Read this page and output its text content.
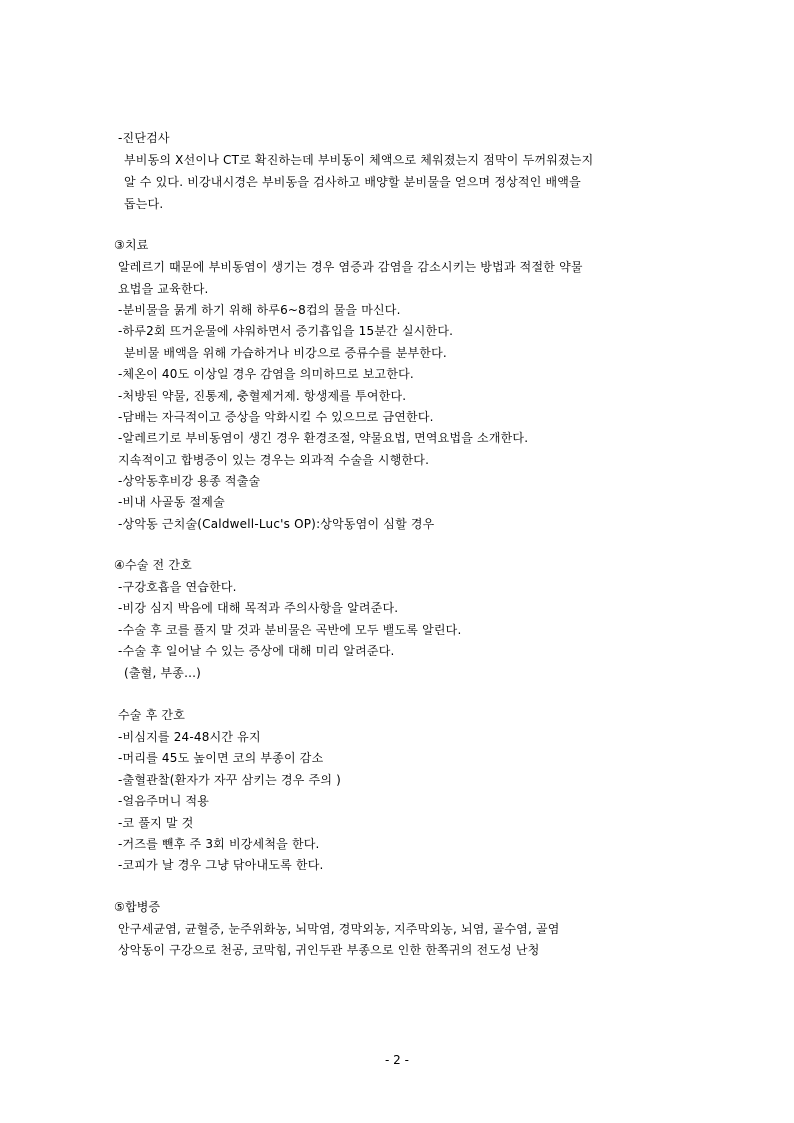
-진단검사
부비동의 X선이나 CT로 확진하는데 부비동이 체액으로 체워졌는지 점막이 두꺼워졌는지
알 수 있다. 비강내시경은 부비동을 검사하고 배양할 분비물을 얻으며 정상적인 배액을
돕는다.
③치료
알레르기 때문에 부비동염이 생기는 경우 염증과 감염을 감소시키는 방법과 적절한 약물
요법을 교육한다.
-분비물을 묽게 하기 위해 하루6~8컵의 물을 마신다.
-하루2회 뜨거운물에 샤워하면서 증기흡입을 15분간 실시한다.
분비물 배액을 위해 가습하거나 비강으로 증류수를 분부한다.
-체온이 40도 이상일 경우 감염을 의미하므로 보고한다.
-처방된 약물, 진통제, 충혈제거제. 항생제를 투여한다.
-담배는 자극적이고 증상을 악화시킬 수 있으므로 금연한다.
-알레르기로 부비동염이 생긴 경우 환경조절, 약물요법, 면역요법을 소개한다.
지속적이고 합병증이 있는 경우는 외과적 수술을 시행한다.
-상악동후비강 용종 적출술
-비내 사골동 절제술
-상악동 근치술(Caldwell-Luc's OP):상악동염이 심할 경우
④수술 전 간호
-구강호흡을 연습한다.
-비강 심지 박음에 대해 목적과 주의사항을 알려준다.
-수술 후 코를 풀지 말 것과 분비물은 곡반에 모두 뱉도록 알린다.
-수술 후 일어날 수 있는 증상에 대해 미리 알려준다.
(출혈, 부종...)
수술 후 간호
-비심지를 24-48시간 유지
-머리를 45도 높이면 코의 부종이 감소
-출혈관찰(환자가 자꾸 삼키는 경우 주의 )
-얼음주머니 적용
-코 풀지 말 것
-거즈를 뺀후 주 3회 비강세척을 한다.
-코피가 날 경우 그냥 닦아내도록 한다.
⑤합병증
안구세균염, 균혈증, 눈주위화농, 뇌막염, 경막외농, 지주막외농, 뇌염, 골수염, 골염
상악동이 구강으로 천공, 코막힘, 귀인두관 부종으로 인한 한쪽귀의 전도성 난청
- 2 -
